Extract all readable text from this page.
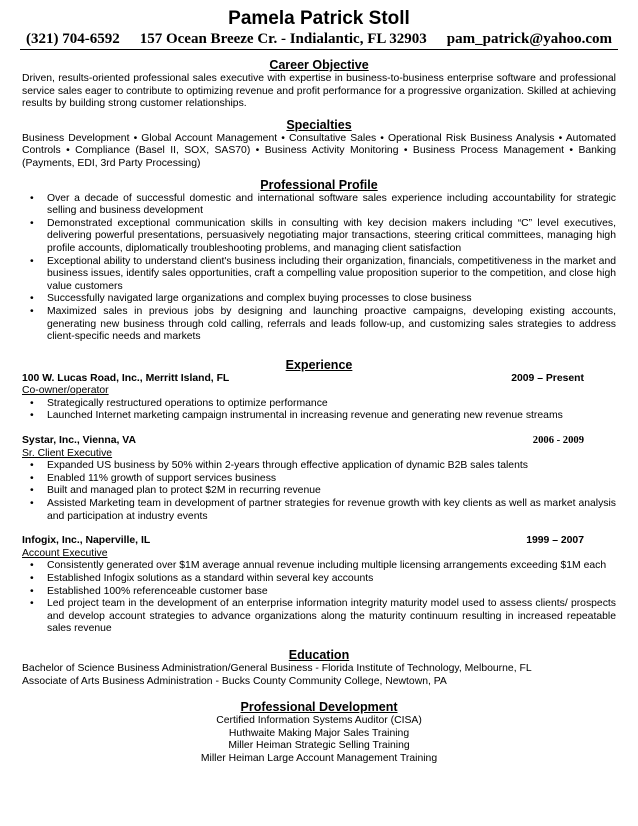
Pamela Patrick Stoll
(321) 704-6592 157 Ocean Breeze Cr. - Indialantic, FL 32903 pam_patrick@yahoo.com
Career Objective
Driven, results-oriented professional sales executive with expertise in business-to-business enterprise software and professional service sales eager to contribute to optimizing revenue and profit performance for a progressive organization. Skilled at achieving results by building strong customer relationships.
Specialties
Business Development • Global Account Management • Consultative Sales • Operational Risk Business Analysis • Automated Controls • Compliance (Basel II, SOX, SAS70) • Business Activity Monitoring • Business Process Management • Banking (Payments, EDI, 3rd Party Processing)
Professional Profile
• Over a decade of successful domestic and international software sales experience including accountability for strategic selling and business development
• Demonstrated exceptional communication skills in consulting with key decision makers including “C” level executives, delivering powerful presentations, persuasively negotiating major transactions, steering critical committees, managing high profile accounts, diplomatically troubleshooting problems, and managing client satisfaction
• Exceptional ability to understand client's business including their organization, financials, competitiveness in the market and business issues, identify sales opportunities, craft a compelling value proposition superior to the competition, and close high value customers
• Successfully navigated large organizations and complex buying processes to close business
• Maximized sales in previous jobs by designing and launching proactive campaigns, developing existing accounts, generating new business through cold calling, referrals and leads follow-up, and customizing sales strategies to address client-specific needs and markets
Experience
100 W. Lucas Road, Inc., Merritt Island, FL	2009 – Present
Co-owner/operator
• Strategically restructured operations to optimize performance
• Launched Internet marketing campaign instrumental in increasing revenue and generating new revenue streams
Systar, Inc., Vienna, VA	2006 - 2009
Sr. Client Executive
• Expanded US business by 50% within 2-years through effective application of dynamic B2B sales talents
• Enabled 11% growth of support services business
• Built and managed plan to protect $2M in recurring revenue
• Assisted Marketing team in development of partner strategies for revenue growth with key clients as well as market analysis and participation at industry events
Infogix, Inc., Naperville, IL	1999 – 2007
Account Executive
• Consistently generated over $1M average annual revenue including multiple licensing arrangements exceeding $1M each
• Established Infogix solutions as a standard within several key accounts
• Established 100% referenceable customer base
• Led project team in the development of an enterprise information integrity maturity model used to assess clients/ prospects and develop account strategies to advance organizations along the maturity continuum resulting in increased repeatable sales revenue
Education
Bachelor of Science Business Administration/General Business - Florida Institute of Technology, Melbourne, FL
Associate of Arts Business Administration - Bucks County Community College, Newtown, PA
Professional Development
Certified Information Systems Auditor (CISA)
Huthwaite Making Major Sales Training
Miller Heiman Strategic Selling Training
Miller Heiman Large Account Management Training
